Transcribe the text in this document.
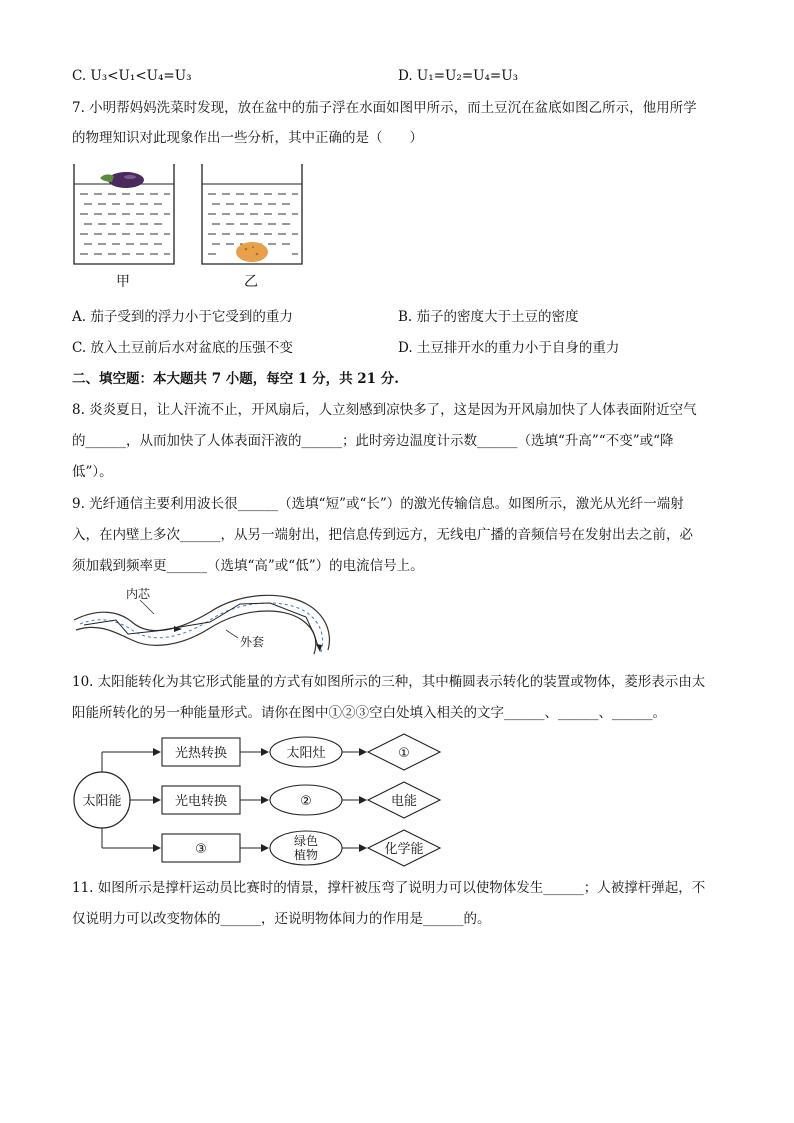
C. U₃<U₁<U₄=U₃	D. U₁=U₂=U₄=U₃
7. 小明帮妈妈洗菜时发现，放在盆中的茄子浮在水面如图甲所示，而土豆沉在盆底如图乙所示，他用所学
的物理知识对此现象作出一些分析，其中正确的是（　　）
甲	乙
A. 茄子受到的浮力小于它受到的重力	B. 茄子的密度大于土豆的密度
C. 放入土豆前后水对盆底的压强不变	D. 土豆排开水的重力小于自身的重力
二、填空题：本大题共 7 小题，每空 1 分，共 21 分.
8. 炎炎夏日，让人汗流不止，开风扇后，人立刻感到凉快多了，这是因为开风扇加快了人体表面附近空气
的______，从而加快了人体表面汗液的______；此时旁边温度计示数______（选填“升高”“不变”或“降
低”）。
9. 光纤通信主要利用波长很______（选填“短”或“长”）的激光传输信息。如图所示，激光从光纤一端射
入，在内壁上多次______，从另一端射出，把信息传到远方，无线电广播的音频信号在发射出去之前，必
须加载到频率更______（选填“高”或“低”）的电流信号上。
内芯
外套
10. 太阳能转化为其它形式能量的方式有如图所示的三种，其中椭圆表示转化的装置或物体，菱形表示由太
阳能所转化的另一种能量形式。请你在图中①②③空白处填入相关的文字______、______、______。
太阳能
光热转换
光电转换
③
太阳灶
②
绿色
植物
①
电能
化学能
11. 如图所示是撑杆运动员比赛时的情景，撑杆被压弯了说明力可以使物体发生______；人被撑杆弹起，不
仅说明力可以改变物体的______，还说明物体间力的作用是______的。
